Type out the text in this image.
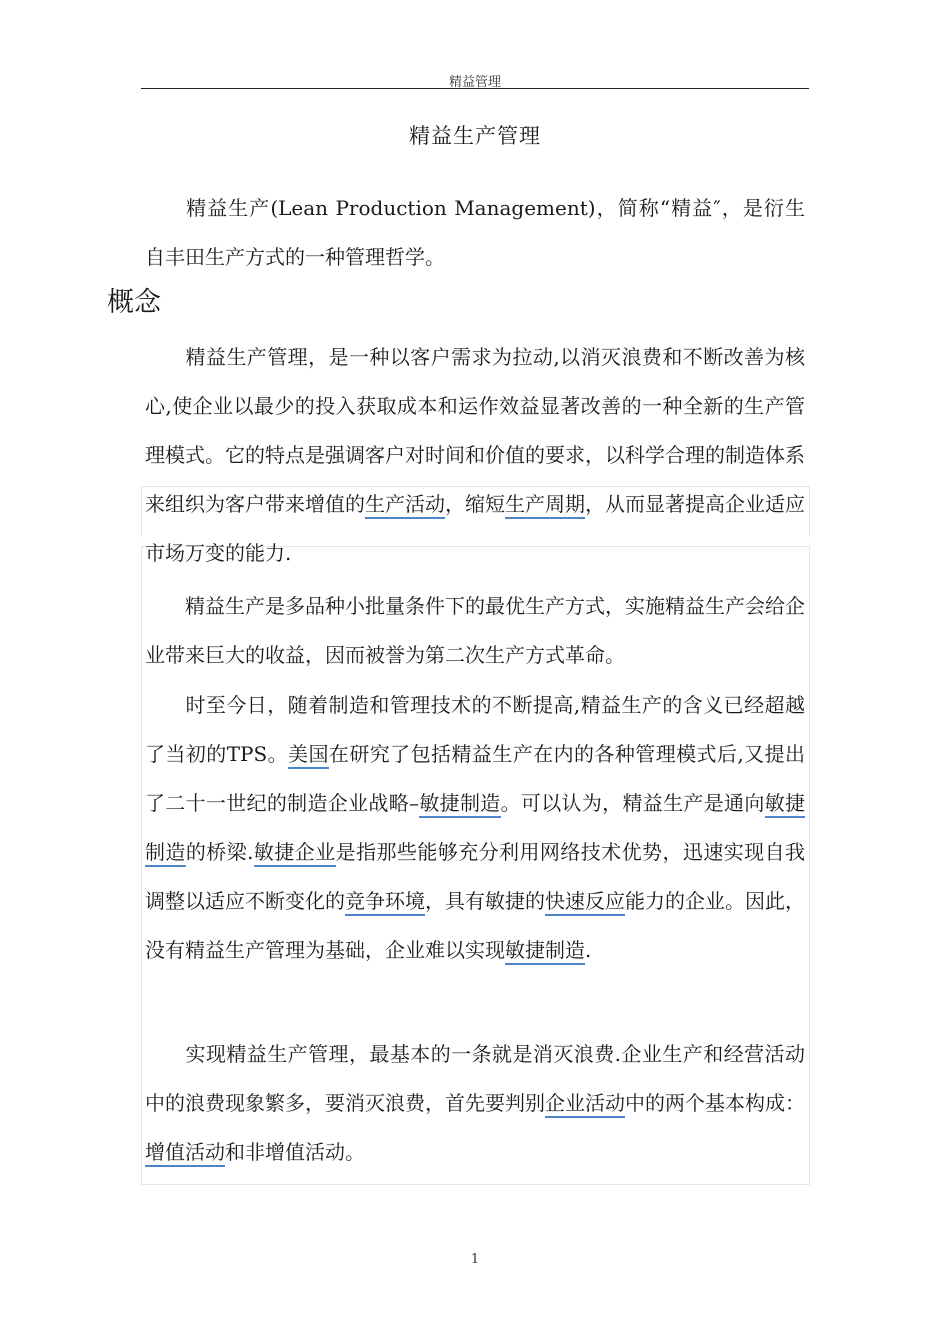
精益管理
精益生产管理

精益生产(Lean Production Management)，简称“精益″，是衍生自丰田生产方式的一种管理哲学。

概念

精益生产管理，是一种以客户需求为拉动,以消灭浪费和不断改善为核心,使企业以最少的投入获取成本和运作效益显著改善的一种全新的生产管理模式。它的特点是强调客户对时间和价值的要求，以科学合理的制造体系来组织为客户带来增值的生产活动，缩短生产周期，从而显著提高企业适应市场万变的能力.

精益生产是多品种小批量条件下的最优生产方式，实施精益生产会给企业带来巨大的收益，因而被誉为第二次生产方式革命。

时至今日，随着制造和管理技术的不断提高,精益生产的含义已经超越了当初的TPS。美国在研究了包括精益生产在内的各种管理模式后,又提出了二十一世纪的制造企业战略–敏捷制造。可以认为，精益生产是通向敏捷制造的桥梁.敏捷企业是指那些能够充分利用网络技术优势，迅速实现自我调整以适应不断变化的竞争环境，具有敏捷的快速反应能力的企业。因此，没有精益生产管理为基础，企业难以实现敏捷制造.

实现精益生产管理，最基本的一条就是消灭浪费.企业生产和经营活动中的浪费现象繁多，要消灭浪费，首先要判别企业活动中的两个基本构成：增值活动和非增值活动。

1
